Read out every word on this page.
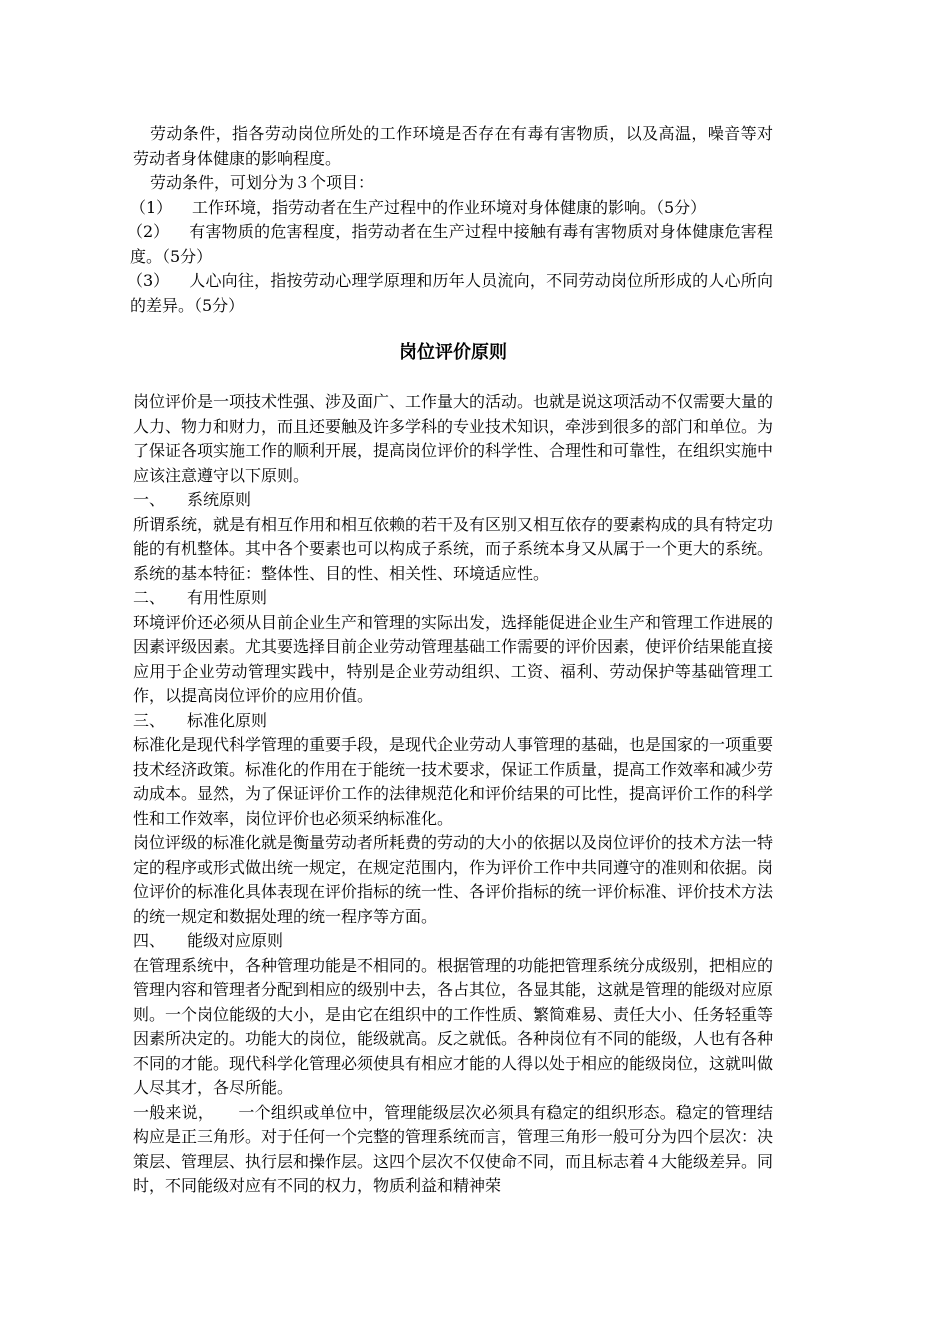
劳动条件，指各劳动岗位所处的工作环境是否存在有毒有害物质，以及高温，噪音等对劳动者身体健康的影响程度。

劳动条件，可划分为３个项目：

（1）	工作环境，指劳动者在生产过程中的作业环境对身体健康的影响。（5分）

（2） 有害物质的危害程度，指劳动者在生产过程中接触有毒有害物质对身体健康危害程度。（5分）

（3） 人心向往，指按劳动心理学原理和历年人员流向，不同劳动岗位所形成的人心所向的差异。（5分）

岗位评价原则

岗位评价是一项技术性强、涉及面广、工作量大的活动。也就是说这项活动不仅需要大量的人力、物力和财力，而且还要触及许多学科的专业技术知识，牵涉到很多的部门和单位。为了保证各项实施工作的顺利开展，提高岗位评价的科学性、合理性和可靠性，在组织实施中应该注意遵守以下原则。

一、	系统原则

所谓系统，就是有相互作用和相互依赖的若干及有区别又相互依存的要素构成的具有特定功能的有机整体。其中各个要素也可以构成子系统，而子系统本身又从属于一个更大的系统。系统的基本特征：整体性、目的性、相关性、环境适应性。

二、	有用性原则

环境评价还必须从目前企业生产和管理的实际出发，选择能促进企业生产和管理工作进展的因素评级因素。尤其要选择目前企业劳动管理基础工作需要的评价因素，使评价结果能直接应用于企业劳动管理实践中，特别是企业劳动组织、工资、福利、劳动保护等基础管理工作，以提高岗位评价的应用价值。

三、	标准化原则

标准化是现代科学管理的重要手段，是现代企业劳动人事管理的基础，也是国家的一项重要技术经济政策。标准化的作用在于能统一技术要求，保证工作质量，提高工作效率和减少劳动成本。显然，为了保证评价工作的法律规范化和评价结果的可比性，提高评价工作的科学性和工作效率，岗位评价也必须采纳标准化。

岗位评级的标准化就是衡量劳动者所耗费的劳动的大小的依据以及岗位评价的技术方法一特定的程序或形式做出统一规定，在规定范围内，作为评价工作中共同遵守的准则和依据。岗位评价的标准化具体表现在评价指标的统一性、各评价指标的统一评价标准、评价技术方法的统一规定和数据处理的统一程序等方面。

四、	能级对应原则

在管理系统中，各种管理功能是不相同的。根据管理的功能把管理系统分成级别，把相应的管理内容和管理者分配到相应的级别中去，各占其位，各显其能，这就是管理的能级对应原则。一个岗位能级的大小，是由它在组织中的工作性质、繁简难易、责任大小、任务轻重等因素所决定的。功能大的岗位，能级就高。反之就低。各种岗位有不同的能级，人也有各种不同的才能。现代科学化管理必须使具有相应才能的人得以处于相应的能级岗位，这就叫做人尽其才，各尽所能。

一般来说，　　一个组织或单位中，管理能级层次必须具有稳定的组织形态。稳定的管理结构应是正三角形。对于任何一个完整的管理系统而言，管理三角形一般可分为四个层次：决策层、管理层、执行层和操作层。这四个层次不仅使命不同，而且标志着４大能级差异。同时，不同能级对应有不同的权力，物质利益和精神荣
